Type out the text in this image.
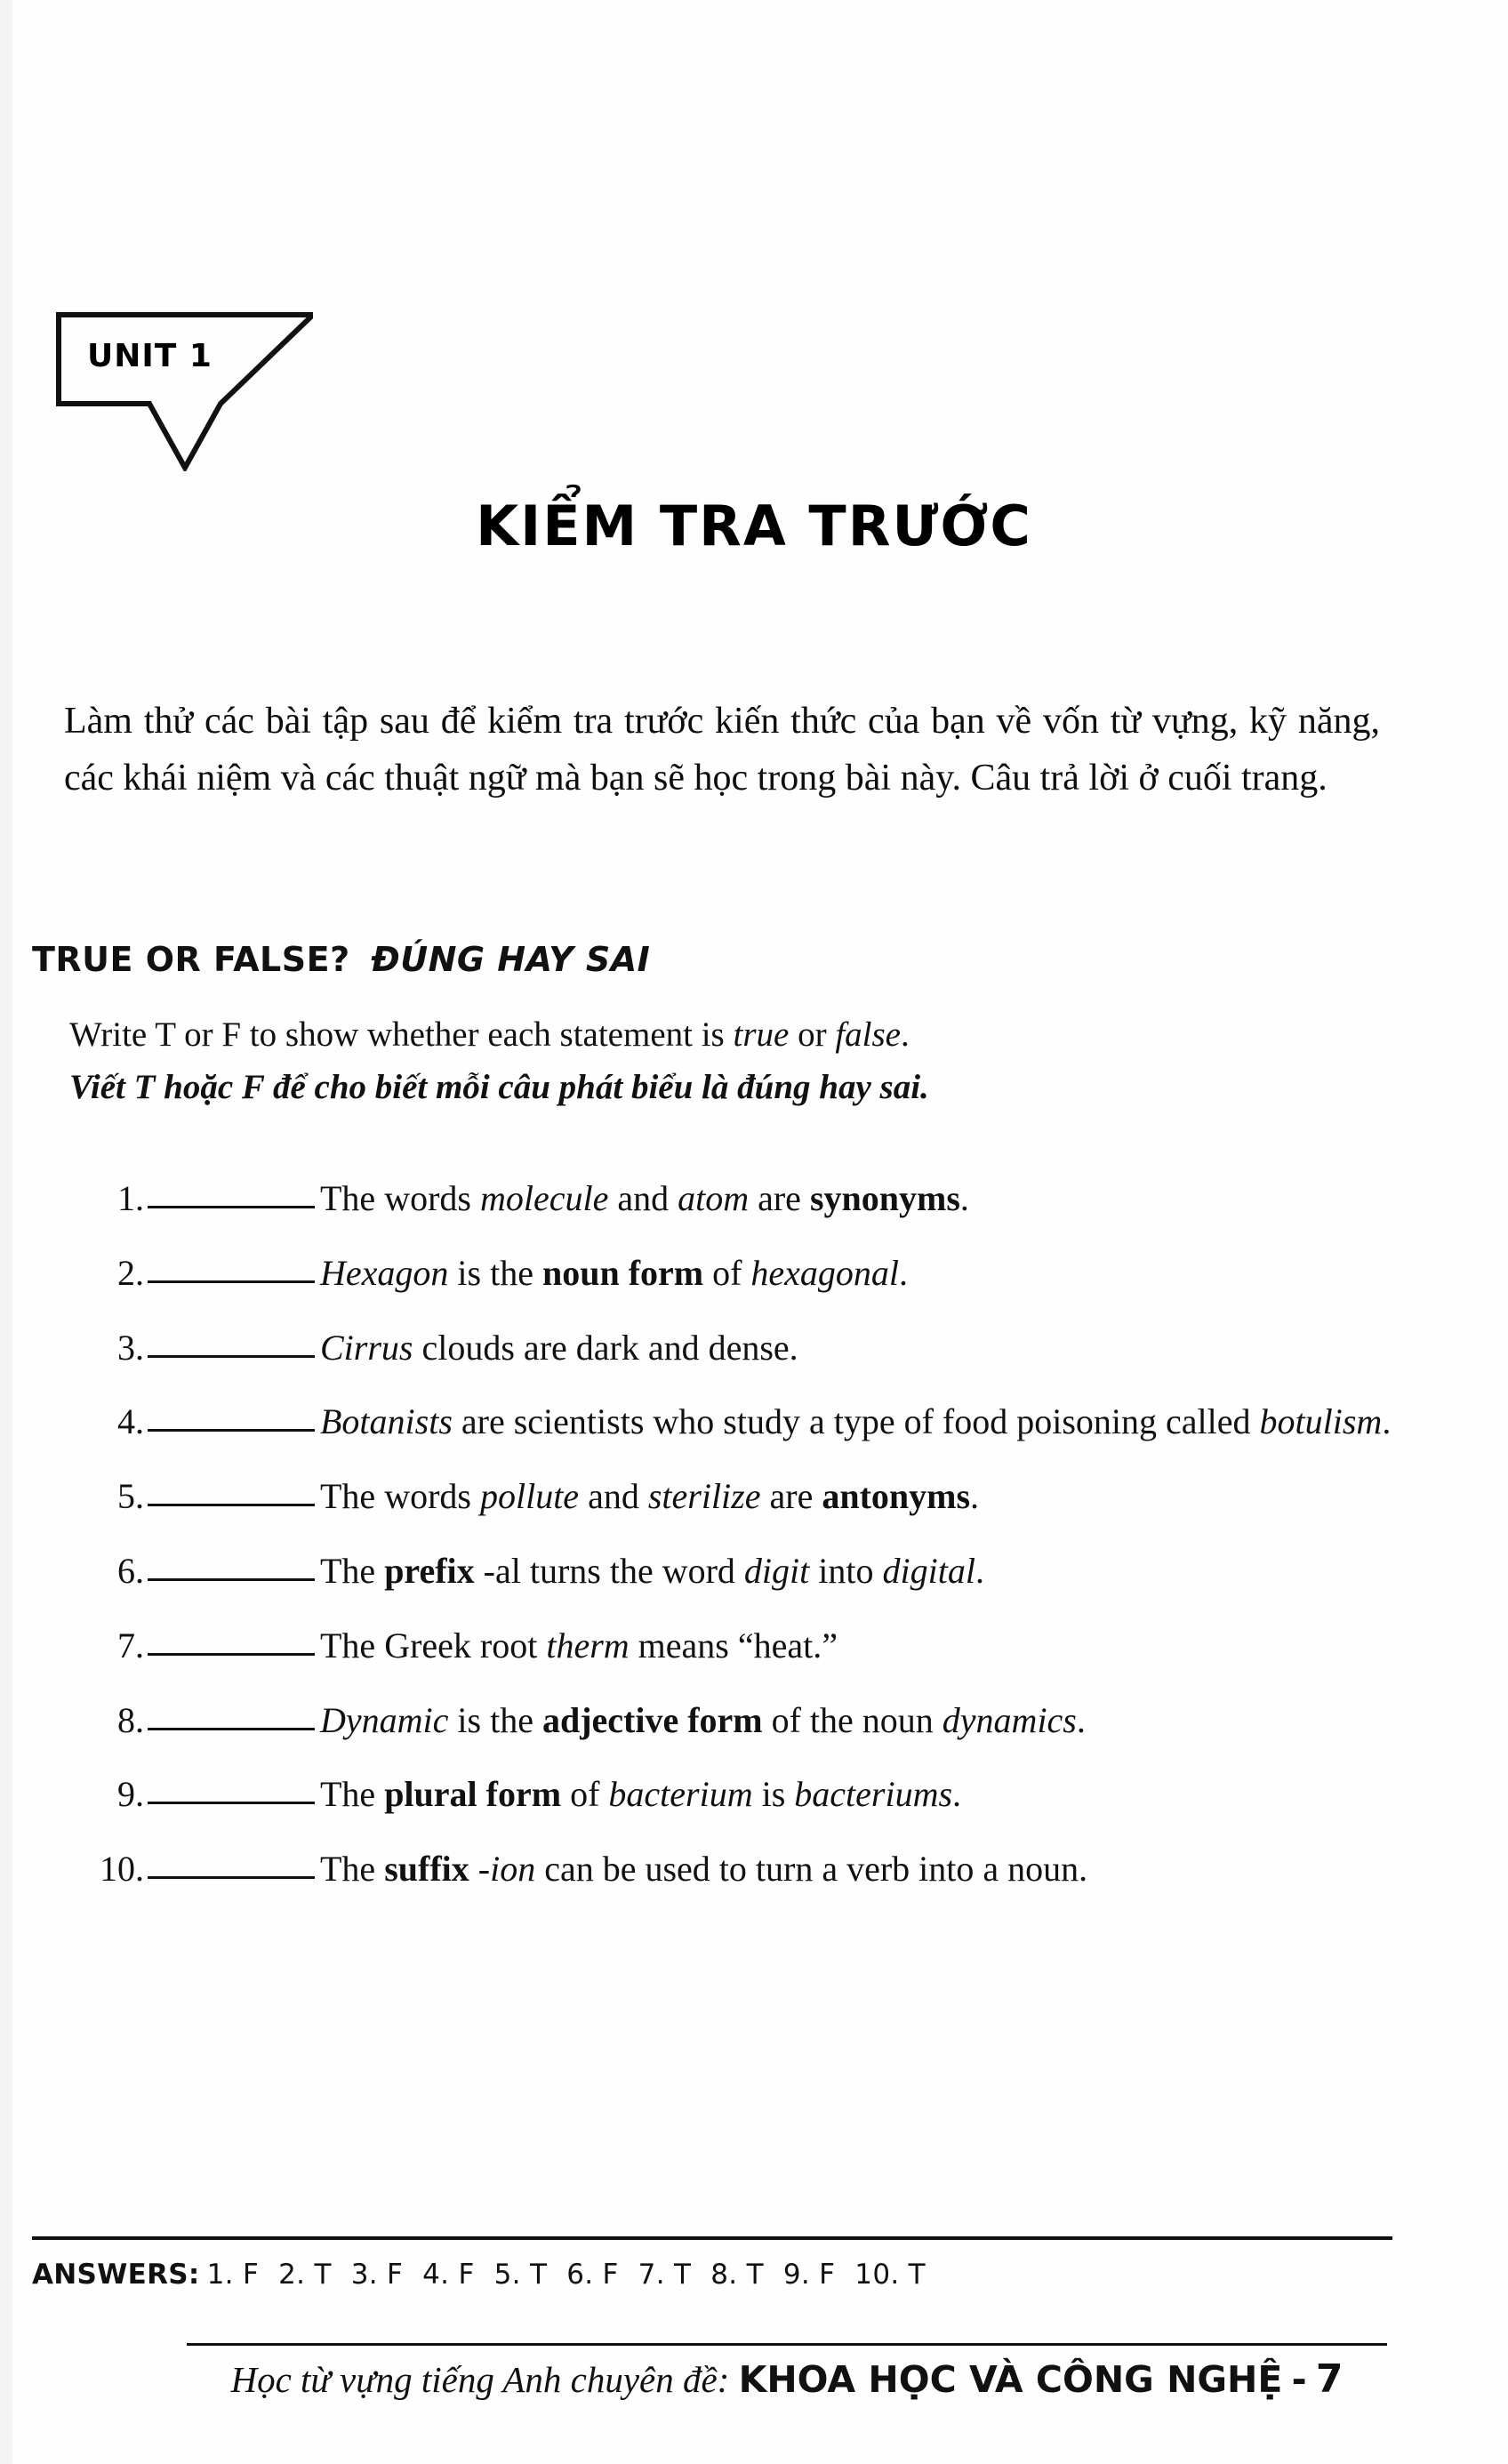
UNIT 1
KIỂM TRA TRƯỚC
Làm thử các bài tập sau để kiểm tra trước kiến thức của bạn về vốn từ vựng, kỹ năng, các khái niệm và các thuật ngữ mà bạn sẽ học trong bài này. Câu trả lời ở cuối trang.
TRUE OR FALSE? ĐÚNG HAY SAI
Write T or F to show whether each statement is true or false.
Viết T hoặc F để cho biết mỗi câu phát biểu là đúng hay sai.
1.	The words molecule and atom are synonyms.
2.	Hexagon is the noun form of hexagonal.
3.	Cirrus clouds are dark and dense.
4.	Botanists are scientists who study a type of food poisoning called botulism.
5.	The words pollute and sterilize are antonyms.
6.	The prefix -al turns the word digit into digital.
7.	The Greek root therm means “heat.”
8.	Dynamic is the adjective form of the noun dynamics.
9.	The plural form of bacterium is bacteriums.
10.	The suffix -ion can be used to turn a verb into a noun.
ANSWERS: 1. F 2. T 3. F 4. F 5. T 6. F 7. T 8. T 9. F 10. T
Học từ vựng tiếng Anh chuyên đề: KHOA HỌC VÀ CÔNG NGHỆ - 7
